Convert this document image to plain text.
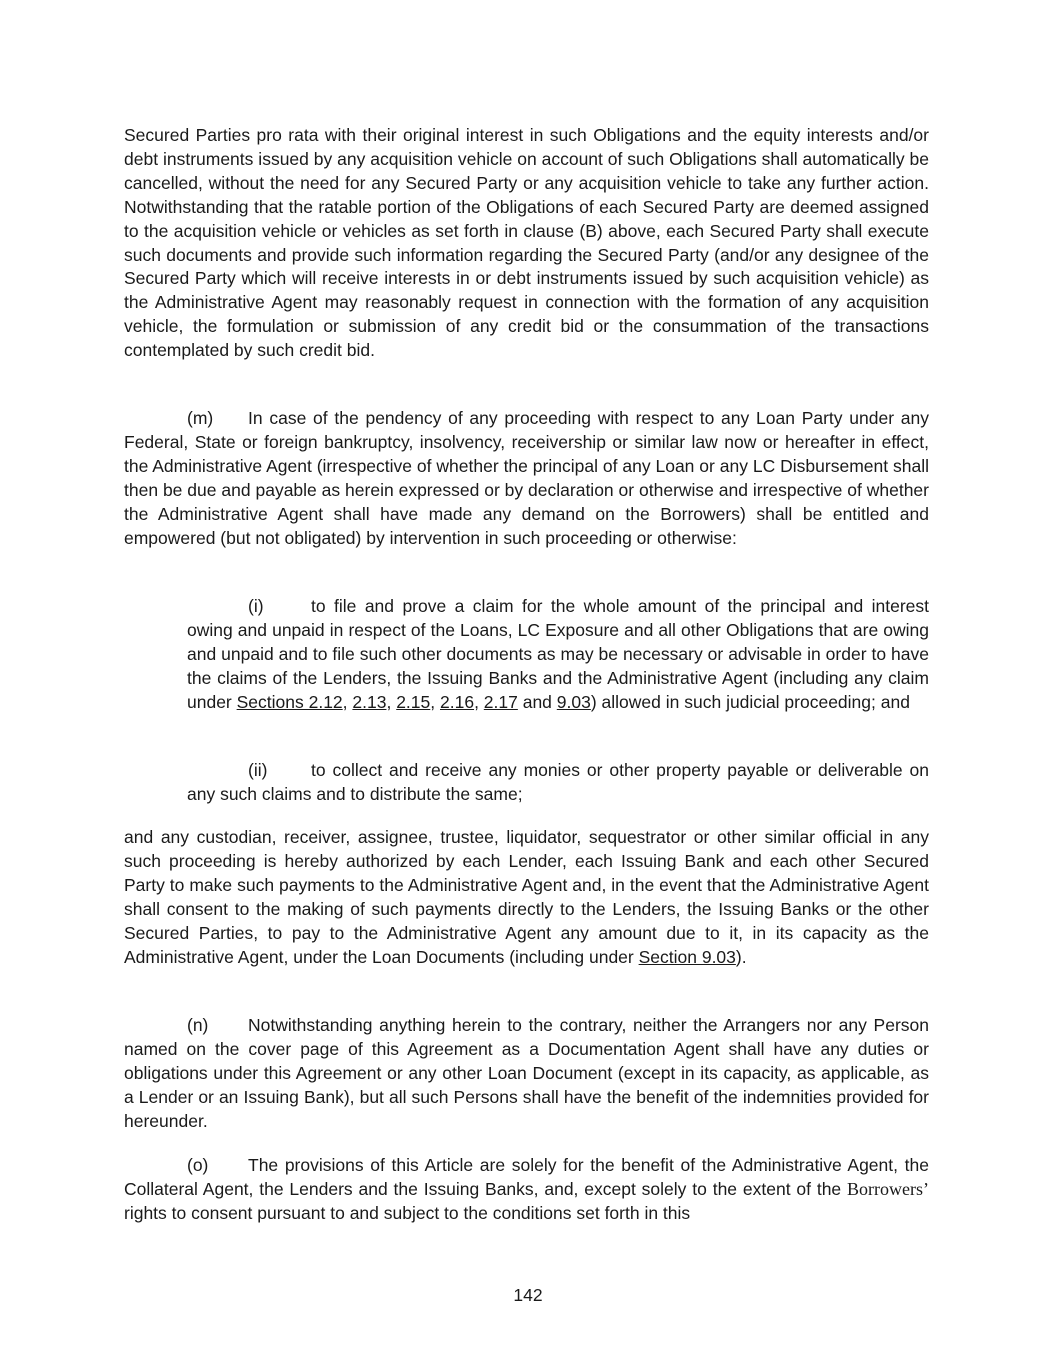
Secured Parties pro rata with their original interest in such Obligations and the equity interests and/or debt instruments issued by any acquisition vehicle on account of such Obligations shall automatically be cancelled, without the need for any Secured Party or any acquisition vehicle to take any further action. Notwithstanding that the ratable portion of the Obligations of each Secured Party are deemed assigned to the acquisition vehicle or vehicles as set forth in clause (B) above, each Secured Party shall execute such documents and provide such information regarding the Secured Party (and/or any designee of the Secured Party which will receive interests in or debt instruments issued by such acquisition vehicle) as the Administrative Agent may reasonably request in connection with the formation of any acquisition vehicle, the formulation or submission of any credit bid or the consummation of the transactions contemplated by such credit bid.

(m) In case of the pendency of any proceeding with respect to any Loan Party under any Federal, State or foreign bankruptcy, insolvency, receivership or similar law now or hereafter in effect, the Administrative Agent (irrespective of whether the principal of any Loan or any LC Disbursement shall then be due and payable as herein expressed or by declaration or otherwise and irrespective of whether the Administrative Agent shall have made any demand on the Borrowers) shall be entitled and empowered (but not obligated) by intervention in such proceeding or otherwise:

(i)	to file and prove a claim for the whole amount of the principal and interest owing and unpaid in respect of the Loans, LC Exposure and all other Obligations that are owing and unpaid and to file such other documents as may be necessary or advisable in order to have the claims of the Lenders, the Issuing Banks and the Administrative Agent (including any claim under Sections 2.12, 2.13, 2.15, 2.16, 2.17 and 9.03) allowed in such judicial proceeding; and

(ii) to collect and receive any monies or other property payable or deliverable on any such claims and to distribute the same;

and any custodian, receiver, assignee, trustee, liquidator, sequestrator or other similar official in any such proceeding is hereby authorized by each Lender, each Issuing Bank and each other Secured Party to make such payments to the Administrative Agent and, in the event that the Administrative Agent shall consent to the making of such payments directly to the Lenders, the Issuing Banks or the other Secured Parties, to pay to the Administrative Agent any amount due to it, in its capacity as the Administrative Agent, under the Loan Documents (including under Section 9.03).

(n) Notwithstanding anything herein to the contrary, neither the Arrangers nor any Person named on the cover page of this Agreement as a Documentation Agent shall have any duties or obligations under this Agreement or any other Loan Document (except in its capacity, as applicable, as a Lender or an Issuing Bank), but all such Persons shall have the benefit of the indemnities provided for hereunder.

(o) The provisions of this Article are solely for the benefit of the Administrative Agent, the Collateral Agent, the Lenders and the Issuing Banks, and, except solely to the extent of the Borrowers’ rights to consent pursuant to and subject to the conditions set forth in this

142
